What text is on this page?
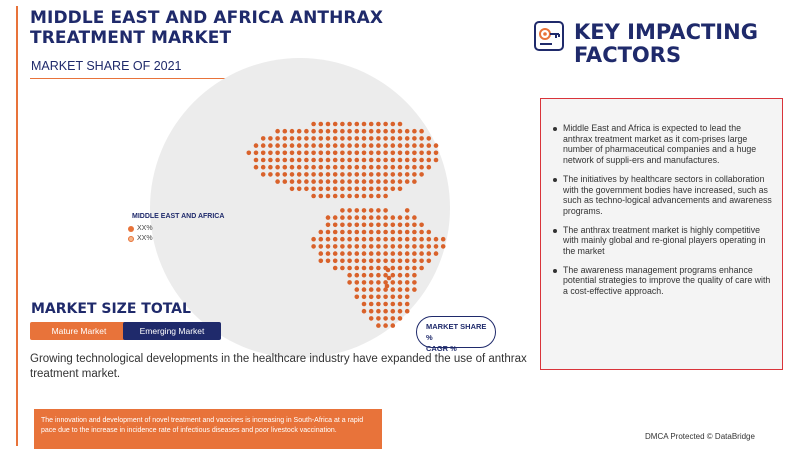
MIDDLE EAST AND AFRICA ANTHRAX TREATMENT MARKET
MARKET SHARE OF 2021
MIDDLE EAST AND AFRICA
XX%
XX%
MARKET SIZE TOTAL
Mature Market	Emerging Market	MARKET SHARE %
CAGR %
Growing technological developments in the healthcare industry have expanded the use of anthrax treatment market.
The innovation and development of novel treatment and vaccines is increasing in South-Africa at a rapid pace due to the increase in incidence rate of infectious diseases and poor livestock vaccination.
DMCA Protected © DataBridge
KEY IMPACTING FACTORS
Middle East and Africa is expected to lead the anthrax treatment market as it com-prises large number of pharmaceutical companies and a huge network of suppli-ers and manufactures.
The initiatives by healthcare sectors in collaboration with the government bodies have increased, such as such as techno-logical advancements and awareness programs.
The anthrax treatment market is highly competitive with mainly global and re-gional players operating in the market
The awareness management programs enhance potential strategies to improve the quality of care with a cost-effective approach.
